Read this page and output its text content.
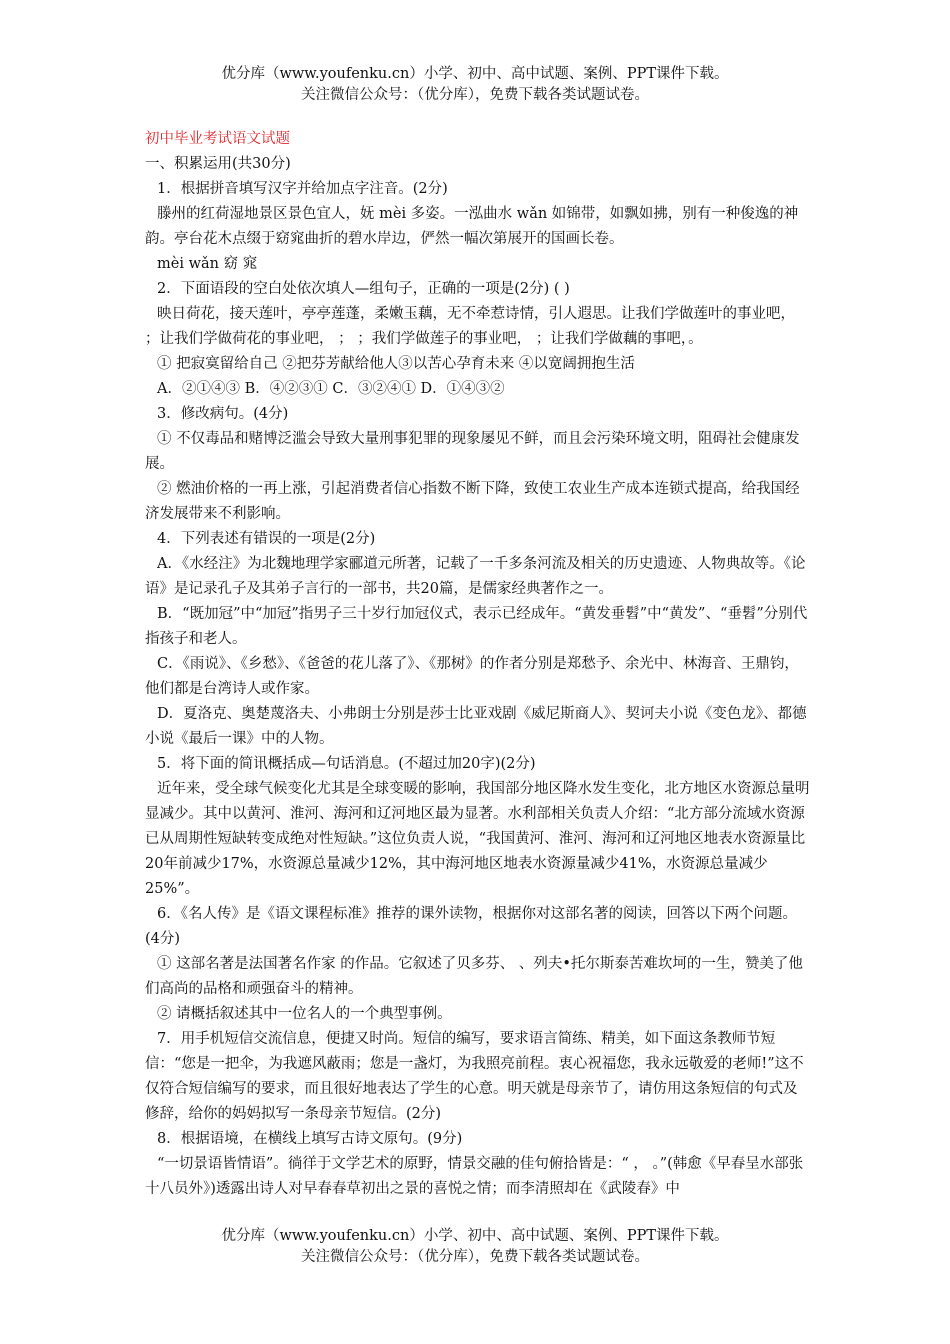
优分库（www.youfenku.cn）小学、初中、高中试题、案例、PPT课件下载。
关注微信公众号：（优分库），免费下载各类试题试卷。

初中毕业考试语文试题

一、积累运用(共30分)

1．根据拼音填写汉字并给加点字注音。(2分)

滕州的红荷湿地景区景色宜人，妩 mèi 多姿。一泓曲水 wǎn 如锦带，如飘如拂，别有一种俊逸的神韵。亭台花木点缀于窈窕曲折的碧水岸边，俨然一幅次第展开的国画长卷。

mèi wǎn 窈 窕

2．下面语段的空白处依次填人—组句子，正确的一项是(2分) ( )

映日荷花，接天莲叶，亭亭莲蓬，柔嫩玉藕，无不牵惹诗情，引人遐思。让我们学做莲叶的事业吧， ；让我们学做荷花的事业吧， ； ；我们学做莲子的事业吧， ；让我们学做藕的事吧，。

① 把寂寞留给自己 ②把芬芳献给他人③以苦心孕育未来 ④以宽阔拥抱生活

A．②①④③ B．④②③① C．③②④① D．①④③②

3．修改病句。(4分)

① 不仅毒品和赌博泛滥会导致大量刑事犯罪的现象屡见不鲜，而且会污染环境文明，阻碍社会健康发展。

② 燃油价格的一再上涨，引起消费者信心指数不断下降，致使工农业生产成本连锁式提高，给我国经济发展带来不利影响。

4．下列表述有错误的一项是(2分)

A．《水经注》为北魏地理学家郦道元所著，记载了一千多条河流及相关的历史遗迹、人物典故等。《论语》是记录孔子及其弟子言行的一部书，共20篇，是儒家经典著作之一。

B．“既加冠”中“加冠”指男子三十岁行加冠仪式，表示已经成年。“黄发垂髫”中“黄发”、“垂髫”分别代指孩子和老人。

C．《雨说》、《乡愁》、《爸爸的花儿落了》、《那树》的作者分别是郑愁予、余光中、林海音、王鼎钧，他们都是台湾诗人或作家。

D．夏洛克、奥楚蔑洛夫、小弗朗士分别是莎士比亚戏剧《威尼斯商人》、契诃夫小说《变色龙》、都德小说《最后一课》中的人物。

5．将下面的简讯概括成—句话消息。(不超过加20字)(2分)

近年来，受全球气候变化尤其是全球变暖的影响，我国部分地区降水发生变化，北方地区水资源总量明显减少。其中以黄河、淮河、海河和辽河地区最为显著。水利部相关负责人介绍：“北方部分流域水资源已从周期性短缺转变成绝对性短缺。”这位负责人说，“我国黄河、淮河、海河和辽河地区地表水资源量比20年前减少17%，水资源总量减少12%，其中海河地区地表水资源量减少41%，水资源总量减少25%”。

6．《名人传》是《语文课程标准》推荐的课外读物，根据你对这部名著的阅读，回答以下两个问题。(4分)

① 这部名著是法国著名作家 的作品。它叙述了贝多芬、 、列夫•托尔斯泰苦难坎坷的一生，赞美了他们高尚的品格和顽强奋斗的精神。

② 请概括叙述其中一位名人的一个典型事例。

7．用手机短信交流信息，便捷又时尚。短信的编写，要求语言简练、精美，如下面这条教师节短信：“您是一把伞，为我遮风蔽雨；您是一盏灯，为我照亮前程。衷心祝福您，我永远敬爱的老师!”这不仅符合短信编写的要求，而且很好地表达了学生的心意。明天就是母亲节了，请仿用这条短信的句式及修辞，给你的妈妈拟写一条母亲节短信。(2分)

8．根据语境，在横线上填写古诗文原句。(9分)

“一切景语皆情语”。徜徉于文学艺术的原野，情景交融的佳句俯拾皆是：“ ， 。”(韩愈《早春呈水部张十八员外》)透露出诗人对早春春草初出之景的喜悦之情；而李清照却在《武陵春》中

优分库（www.youfenku.cn）小学、初中、高中试题、案例、PPT课件下载。
关注微信公众号：（优分库），免费下载各类试题试卷。
